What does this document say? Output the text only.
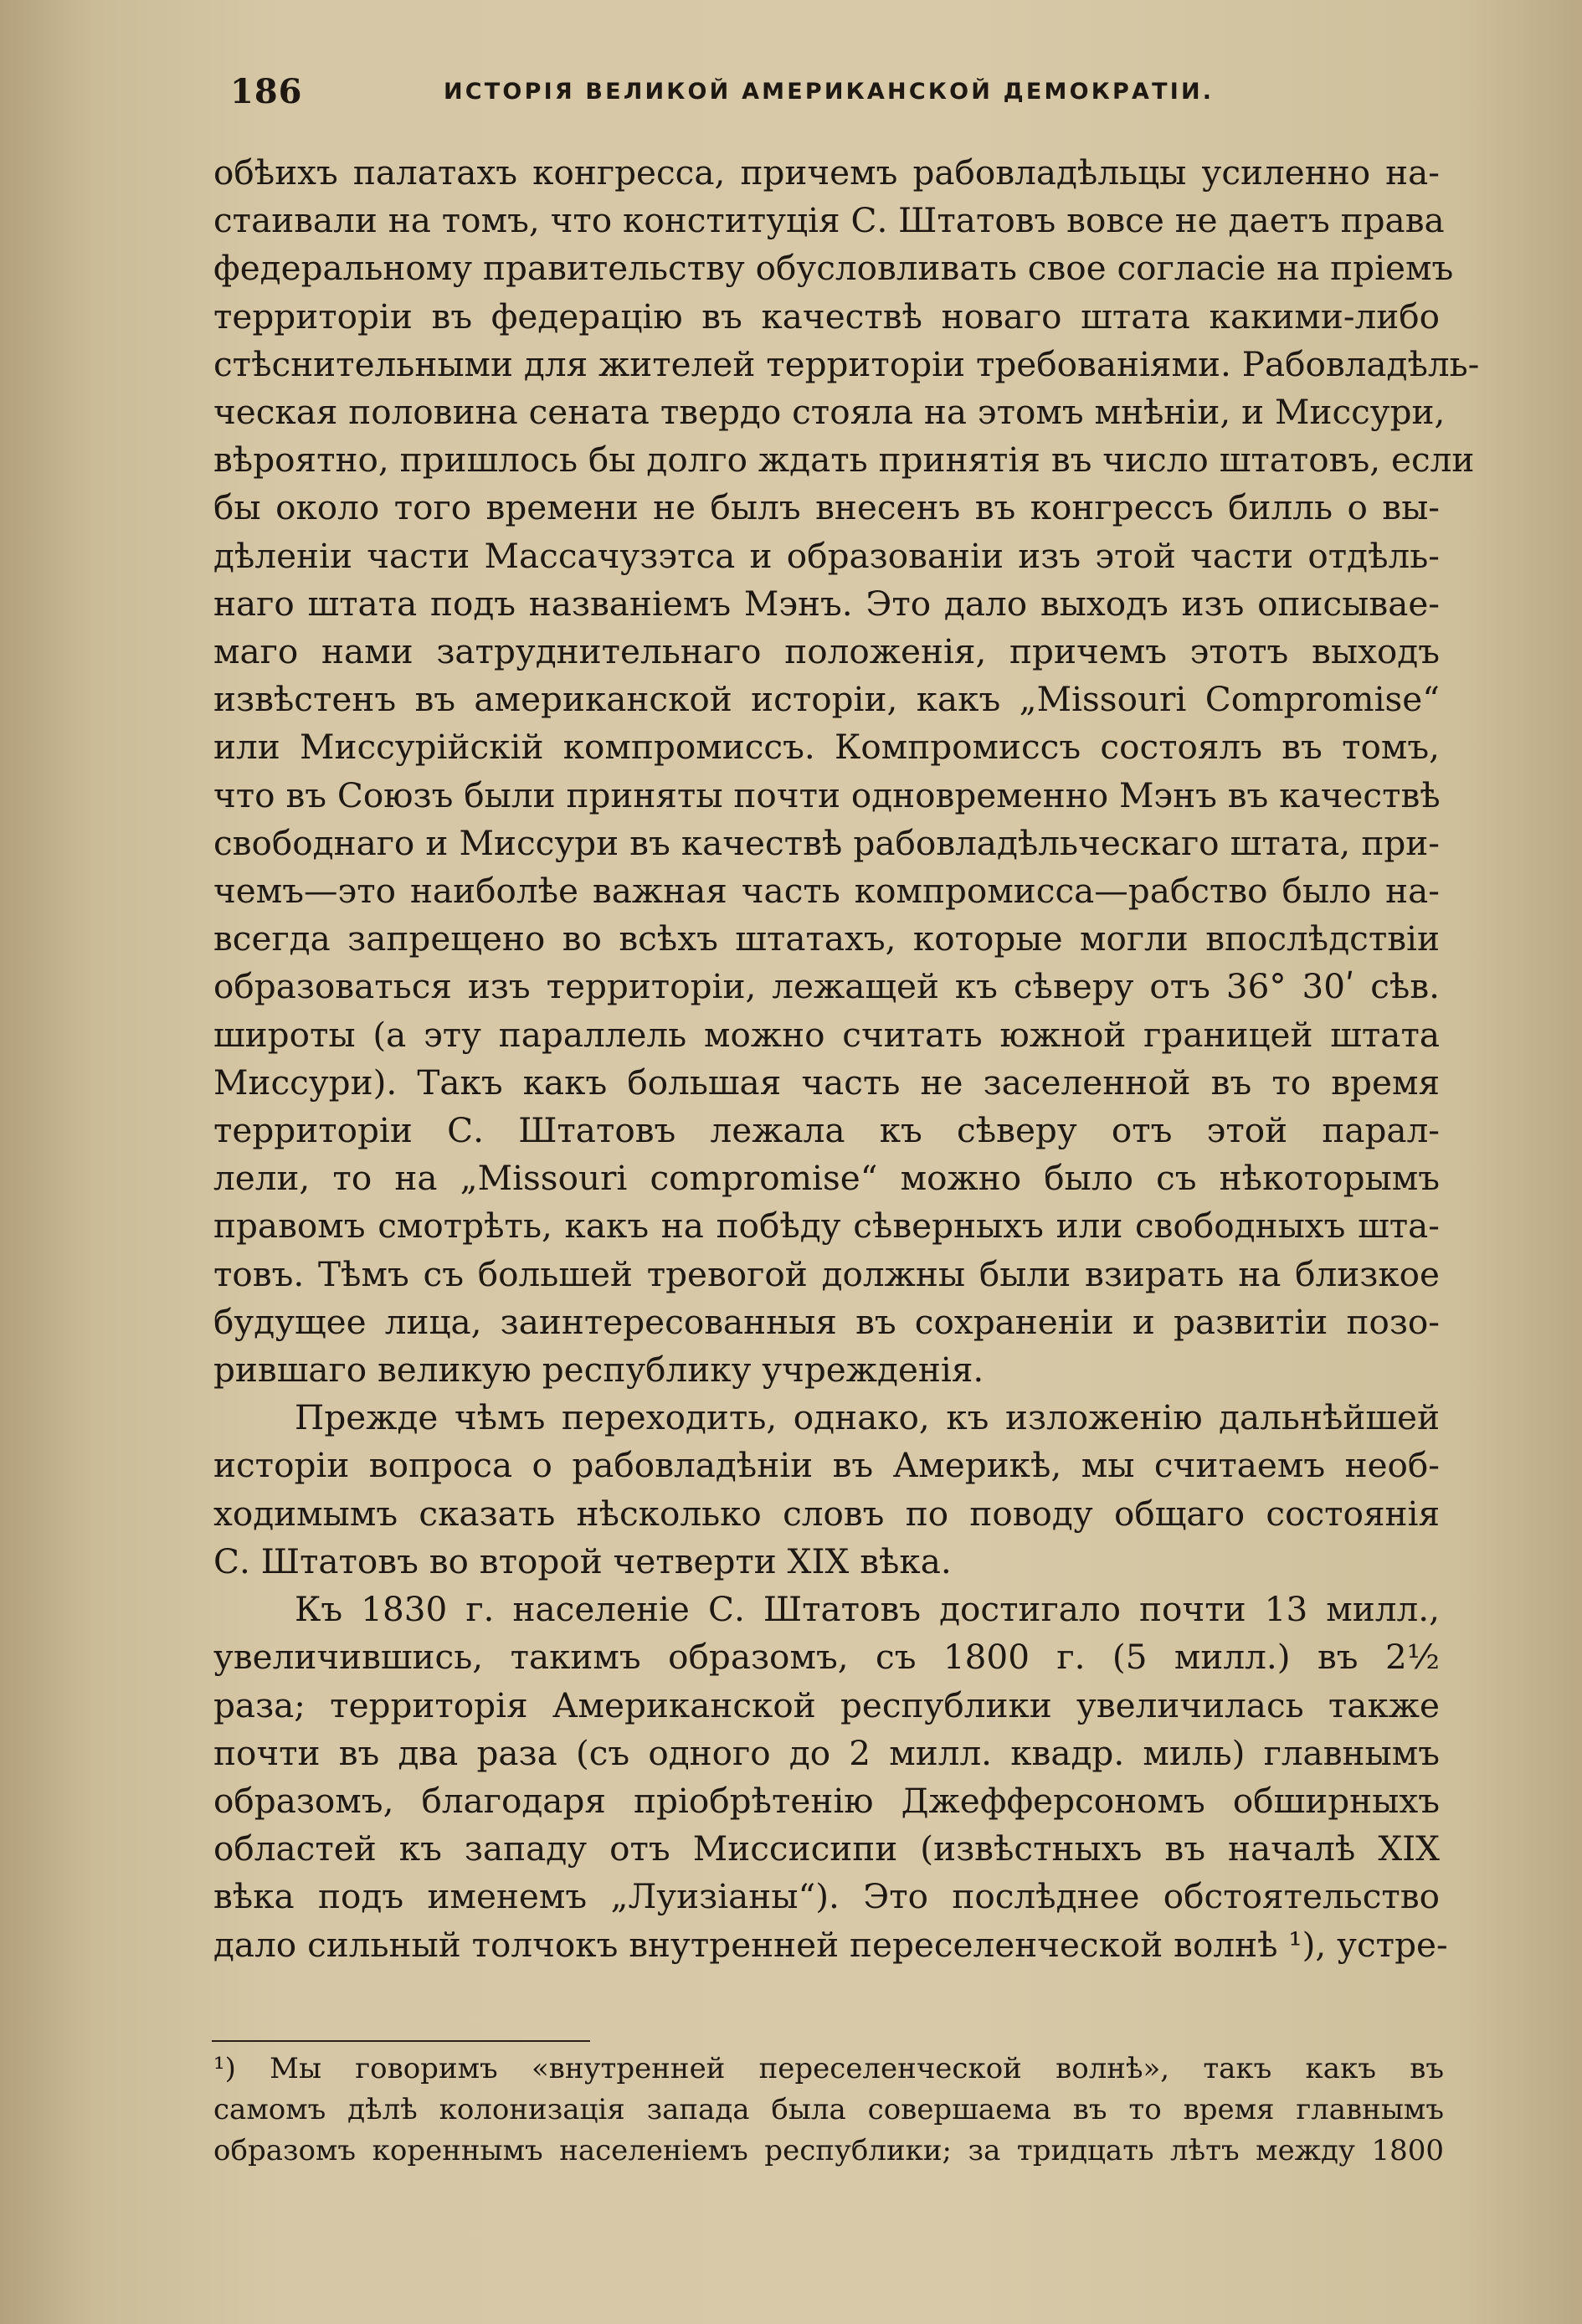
186	ИСТОРІЯ ВЕЛИКОЙ АМЕРИКАНСКОЙ ДЕМОКРАТІИ.

обѣихъ палатахъ конгресса, причемъ рабовладѣльцы усиленно на-
стаивали на томъ, что конституція С. Штатовъ вовсе не даетъ права
федеральному правительству обусловливать свое согласіе на пріемъ
территоріи въ федерацію въ качествѣ новаго штата какими-либо
стѣснительными для жителей территоріи требованіями. Рабовладѣль-
ческая половина сената твердо стояла на этомъ мнѣніи, и Миссури,
вѣроятно, пришлось бы долго ждать принятія въ число штатовъ, если
бы около того времени не былъ внесенъ въ конгрессъ билль о вы-
дѣленіи части Массачузэтса и образованіи изъ этой части отдѣль-
наго штата подъ названіемъ Мэнъ. Это дало выходъ изъ описывае-
маго нами затруднительнаго положенія, причемъ этотъ выходъ
извѣстенъ въ американской исторіи, какъ „Missouri Compromise“
или Миссурійскій компромиссъ. Компромиссъ состоялъ въ томъ,
что въ Союзъ были приняты почти одновременно Мэнъ въ качествѣ
свободнаго и Миссури въ качествѣ рабовладѣльческаго штата, при-
чемъ—это наиболѣе важная часть компромисса—рабство было на-
всегда запрещено во всѣхъ штатахъ, которые могли впослѣдствіи
образоваться изъ территоріи, лежащей къ сѣверу отъ 36° 30ʹ сѣв.
широты (а эту параллель можно считать южной границей штата
Миссури). Такъ какъ большая часть не заселенной въ то время
территоріи С. Штатовъ лежала къ сѣверу отъ этой парал-
лели, то на „Missouri compromise“ можно было съ нѣкоторымъ
правомъ смотрѣть, какъ на побѣду сѣверныхъ или свободныхъ шта-
товъ. Тѣмъ съ большей тревогой должны были взирать на близкое
будущее лица, заинтересованныя въ сохраненіи и развитіи позо-
рившаго великую республику учрежденія.

Прежде чѣмъ переходить, однако, къ изложенію дальнѣйшей
исторіи вопроса о рабовладѣніи въ Америкѣ, мы считаемъ необ-
ходимымъ сказать нѣсколько словъ по поводу общаго состоянія
С. Штатовъ во второй четверти XIX вѣка.

Къ 1830 г. населеніе С. Штатовъ достигало почти 13 милл.,
увеличившись, такимъ образомъ, съ 1800 г. (5 милл.) въ 2½
раза; территорія Американской республики увеличилась также
почти въ два раза (съ одного до 2 милл. квадр. миль) главнымъ
образомъ, благодаря пріобрѣтенію Джефферсономъ обширныхъ
областей къ западу отъ Миссисипи (извѣстныхъ въ началѣ XIX
вѣка подъ именемъ „Луизіаны“). Это послѣднее обстоятельство
дало сильный толчокъ внутренней переселенческой волнѣ ¹), устре-

¹) Мы говоримъ «внутренней переселенческой волнѣ», такъ какъ въ
самомъ дѣлѣ колонизація запада была совершаема въ то время главнымъ
образомъ кореннымъ населеніемъ республики; за тридцать лѣтъ между 1800
